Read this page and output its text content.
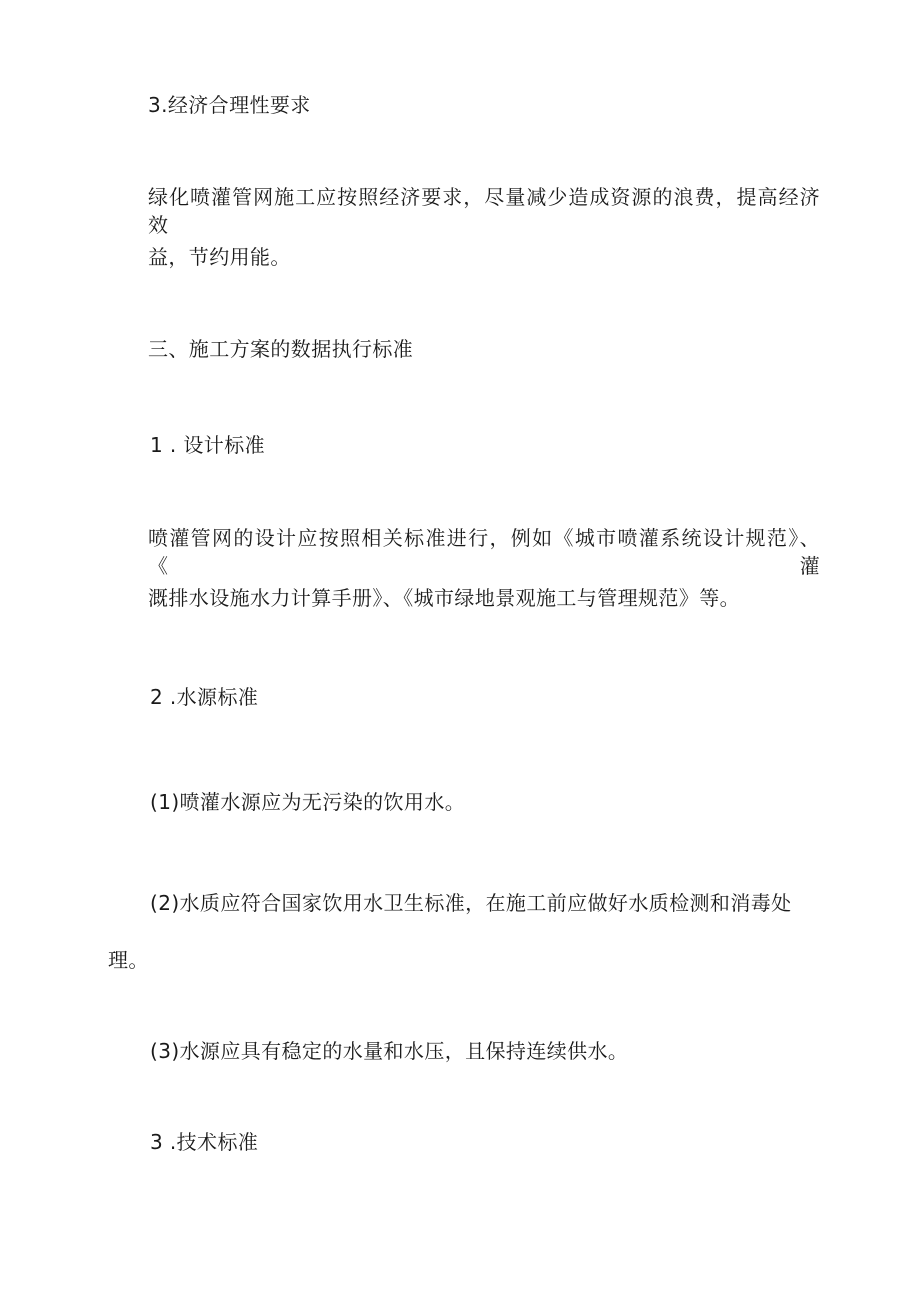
3.经济合理性要求
绿化喷灌管网施工应按照经济要求，尽量减少造成资源的浪费，提高经济效
益，节约用能。
三、施工方案的数据执行标准
1 . 设计标准
喷灌管网的设计应按照相关标准进行，例如《城市喷灌系统设计规范》、《灌
溉排水设施水力计算手册》、《城市绿地景观施工与管理规范》等。
2 .水源标准
(1)喷灌水源应为无污染的饮用水。
(2)水质应符合国家饮用水卫生标准，在施工前应做好水质检测和消毒处
理。
(3)水源应具有稳定的水量和水压，且保持连续供水。
3 .技术标准
